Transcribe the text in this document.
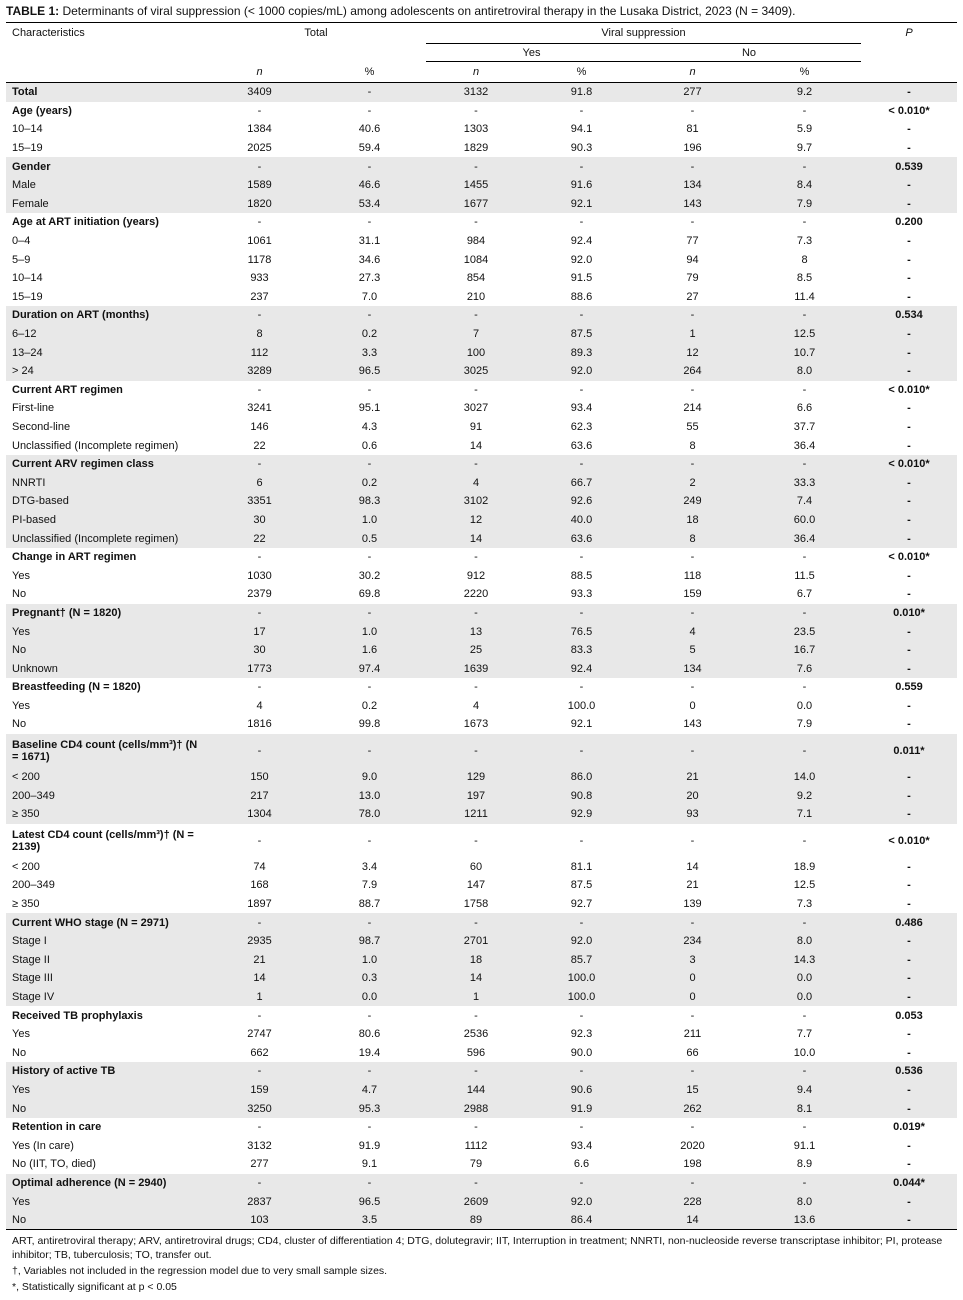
TABLE 1: Determinants of viral suppression (< 1000 copies/mL) among adolescents on antiretroviral therapy in the Lusaka District, 2023 (N = 3409).
Characteristics	Total		Viral suppression				P
			Yes		No		
	n	%	n	%	n	%	
Total	3409	-	3132	91.8	277	9.2	-
Age (years)	-	-	-	-	-	-	< 0.010*
10–14	1384	40.6	1303	94.1	81	5.9	-
15–19	2025	59.4	1829	90.3	196	9.7	-
Gender	-	-	-	-	-	-	0.539
Male	1589	46.6	1455	91.6	134	8.4	-
Female	1820	53.4	1677	92.1	143	7.9	-
Age at ART initiation (years)	-	-	-	-	-	-	0.200
0–4	1061	31.1	984	92.4	77	7.3	-
5–9	1178	34.6	1084	92.0	94	8	-
10–14	933	27.3	854	91.5	79	8.5	-
15–19	237	7.0	210	88.6	27	11.4	-
Duration on ART (months)	-	-	-	-	-	-	0.534
6–12	8	0.2	7	87.5	1	12.5	-
13–24	112	3.3	100	89.3	12	10.7	-
> 24	3289	96.5	3025	92.0	264	8.0	-
Current ART regimen	-	-	-	-	-	-	< 0.010*
First-line	3241	95.1	3027	93.4	214	6.6	-
Second-line	146	4.3	91	62.3	55	37.7	-
Unclassified (Incomplete regimen)	22	0.6	14	63.6	8	36.4	-
Current ARV regimen class	-	-	-	-	-	-	< 0.010*
NNRTI	6	0.2	4	66.7	2	33.3	-
DTG-based	3351	98.3	3102	92.6	249	7.4	-
PI-based	30	1.0	12	40.0	18	60.0	-
Unclassified (Incomplete regimen)	22	0.5	14	63.6	8	36.4	-
Change in ART regimen	-	-	-	-	-	-	< 0.010*
Yes	1030	30.2	912	88.5	118	11.5	-
No	2379	69.8	2220	93.3	159	6.7	-
Pregnant† (N = 1820)	-	-	-	-	-	-	0.010*
Yes	17	1.0	13	76.5	4	23.5	-
No	30	1.6	25	83.3	5	16.7	-
Unknown	1773	97.4	1639	92.4	134	7.6	-
Breastfeeding (N = 1820)	-	-	-	-	-	-	0.559
Yes	4	0.2	4	100.0	0	0.0	-
No	1816	99.8	1673	92.1	143	7.9	-
Baseline CD4 count (cells/mm³)† (N = 1671)	-	-	-	-	-	-	0.011*
< 200	150	9.0	129	86.0	21	14.0	-
200–349	217	13.0	197	90.8	20	9.2	-
≥ 350	1304	78.0	1211	92.9	93	7.1	-
Latest CD4 count (cells/mm³)† (N = 2139)	-	-	-	-	-	-	< 0.010*
< 200	74	3.4	60	81.1	14	18.9	-
200–349	168	7.9	147	87.5	21	12.5	-
≥ 350	1897	88.7	1758	92.7	139	7.3	-
Current WHO stage (N = 2971)	-	-	-	-	-	-	0.486
Stage I	2935	98.7	2701	92.0	234	8.0	-
Stage II	21	1.0	18	85.7	3	14.3	-
Stage III	14	0.3	14	100.0	0	0.0	-
Stage IV	1	0.0	1	100.0	0	0.0	-
Received TB prophylaxis	-	-	-	-	-	-	0.053
Yes	2747	80.6	2536	92.3	211	7.7	-
No	662	19.4	596	90.0	66	10.0	-
History of active TB	-	-	-	-	-	-	0.536
Yes	159	4.7	144	90.6	15	9.4	-
No	3250	95.3	2988	91.9	262	8.1	-
Retention in care	-	-	-	-	-	-	0.019*
Yes (In care)	3132	91.9	1112	93.4	2020	91.1	-
No (IIT, TO, died)	277	9.1	79	6.6	198	8.9	-
Optimal adherence (N = 2940)	-	-	-	-	-	-	0.044*
Yes	2837	96.5	2609	92.0	228	8.0	-
No	103	3.5	89	86.4	14	13.6	-

ART, antiretroviral therapy; ARV, antiretroviral drugs; CD4, cluster of differentiation 4; DTG, dolutegravir; IIT, Interruption in treatment; NNRTI, non-nucleoside reverse transcriptase inhibitor; PI, protease inhibitor; TB, tuberculosis; TO, transfer out.

†, Variables not included in the regression model due to very small sample sizes.

*, Statistically significant at p < 0.05
